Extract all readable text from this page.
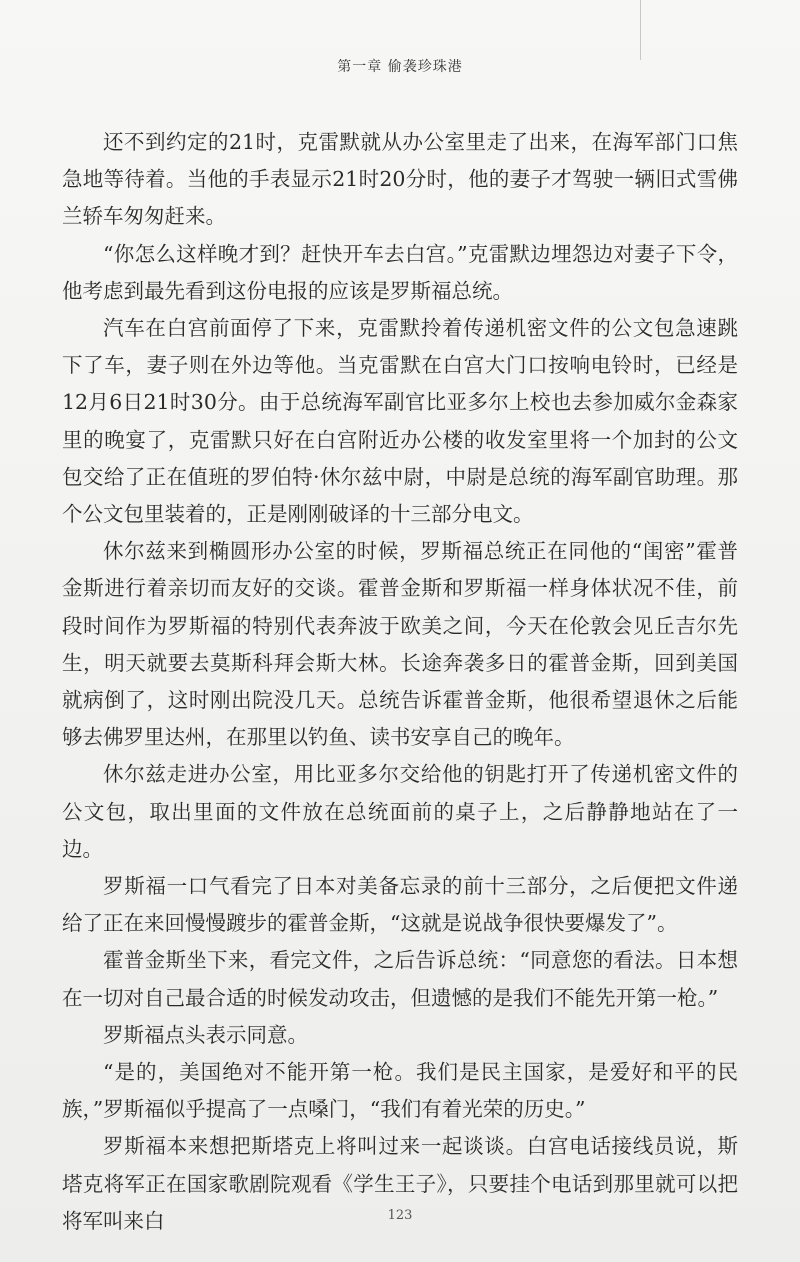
第一章 偷袭珍珠港

还不到约定的21时，克雷默就从办公室里走了出来，在海军部门口焦急地等待着。当他的手表显示21时20分时，他的妻子才驾驶一辆旧式雪佛兰轿车匆匆赶来。

“你怎么这样晚才到？赶快开车去白宫。”克雷默边埋怨边对妻子下令，他考虑到最先看到这份电报的应该是罗斯福总统。

汽车在白宫前面停了下来，克雷默拎着传递机密文件的公文包急速跳下了车，妻子则在外边等他。当克雷默在白宫大门口按响电铃时，已经是12月6日21时30分。由于总统海军副官比亚多尔上校也去参加威尔金森家里的晚宴了，克雷默只好在白宫附近办公楼的收发室里将一个加封的公文包交给了正在值班的罗伯特·休尔兹中尉，中尉是总统的海军副官助理。那个公文包里装着的，正是刚刚破译的十三部分电文。

休尔兹来到椭圆形办公室的时候，罗斯福总统正在同他的“闺密”霍普金斯进行着亲切而友好的交谈。霍普金斯和罗斯福一样身体状况不佳，前段时间作为罗斯福的特别代表奔波于欧美之间，今天在伦敦会见丘吉尔先生，明天就要去莫斯科拜会斯大林。长途奔袭多日的霍普金斯，回到美国就病倒了，这时刚出院没几天。总统告诉霍普金斯，他很希望退休之后能够去佛罗里达州，在那里以钓鱼、读书安享自己的晚年。

休尔兹走进办公室，用比亚多尔交给他的钥匙打开了传递机密文件的公文包，取出里面的文件放在总统面前的桌子上，之后静静地站在了一边。

罗斯福一口气看完了日本对美备忘录的前十三部分，之后便把文件递给了正在来回慢慢踱步的霍普金斯，“这就是说战争很快要爆发了”。

霍普金斯坐下来，看完文件，之后告诉总统：“同意您的看法。日本想在一切对自己最合适的时候发动攻击，但遗憾的是我们不能先开第一枪。”

罗斯福点头表示同意。

“是的，美国绝对不能开第一枪。我们是民主国家，是爱好和平的民族，”罗斯福似乎提高了一点嗓门，“我们有着光荣的历史。”

罗斯福本来想把斯塔克上将叫过来一起谈谈。白宫电话接线员说，斯塔克将军正在国家歌剧院观看《学生王子》，只要挂个电话到那里就可以把将军叫来白	123
